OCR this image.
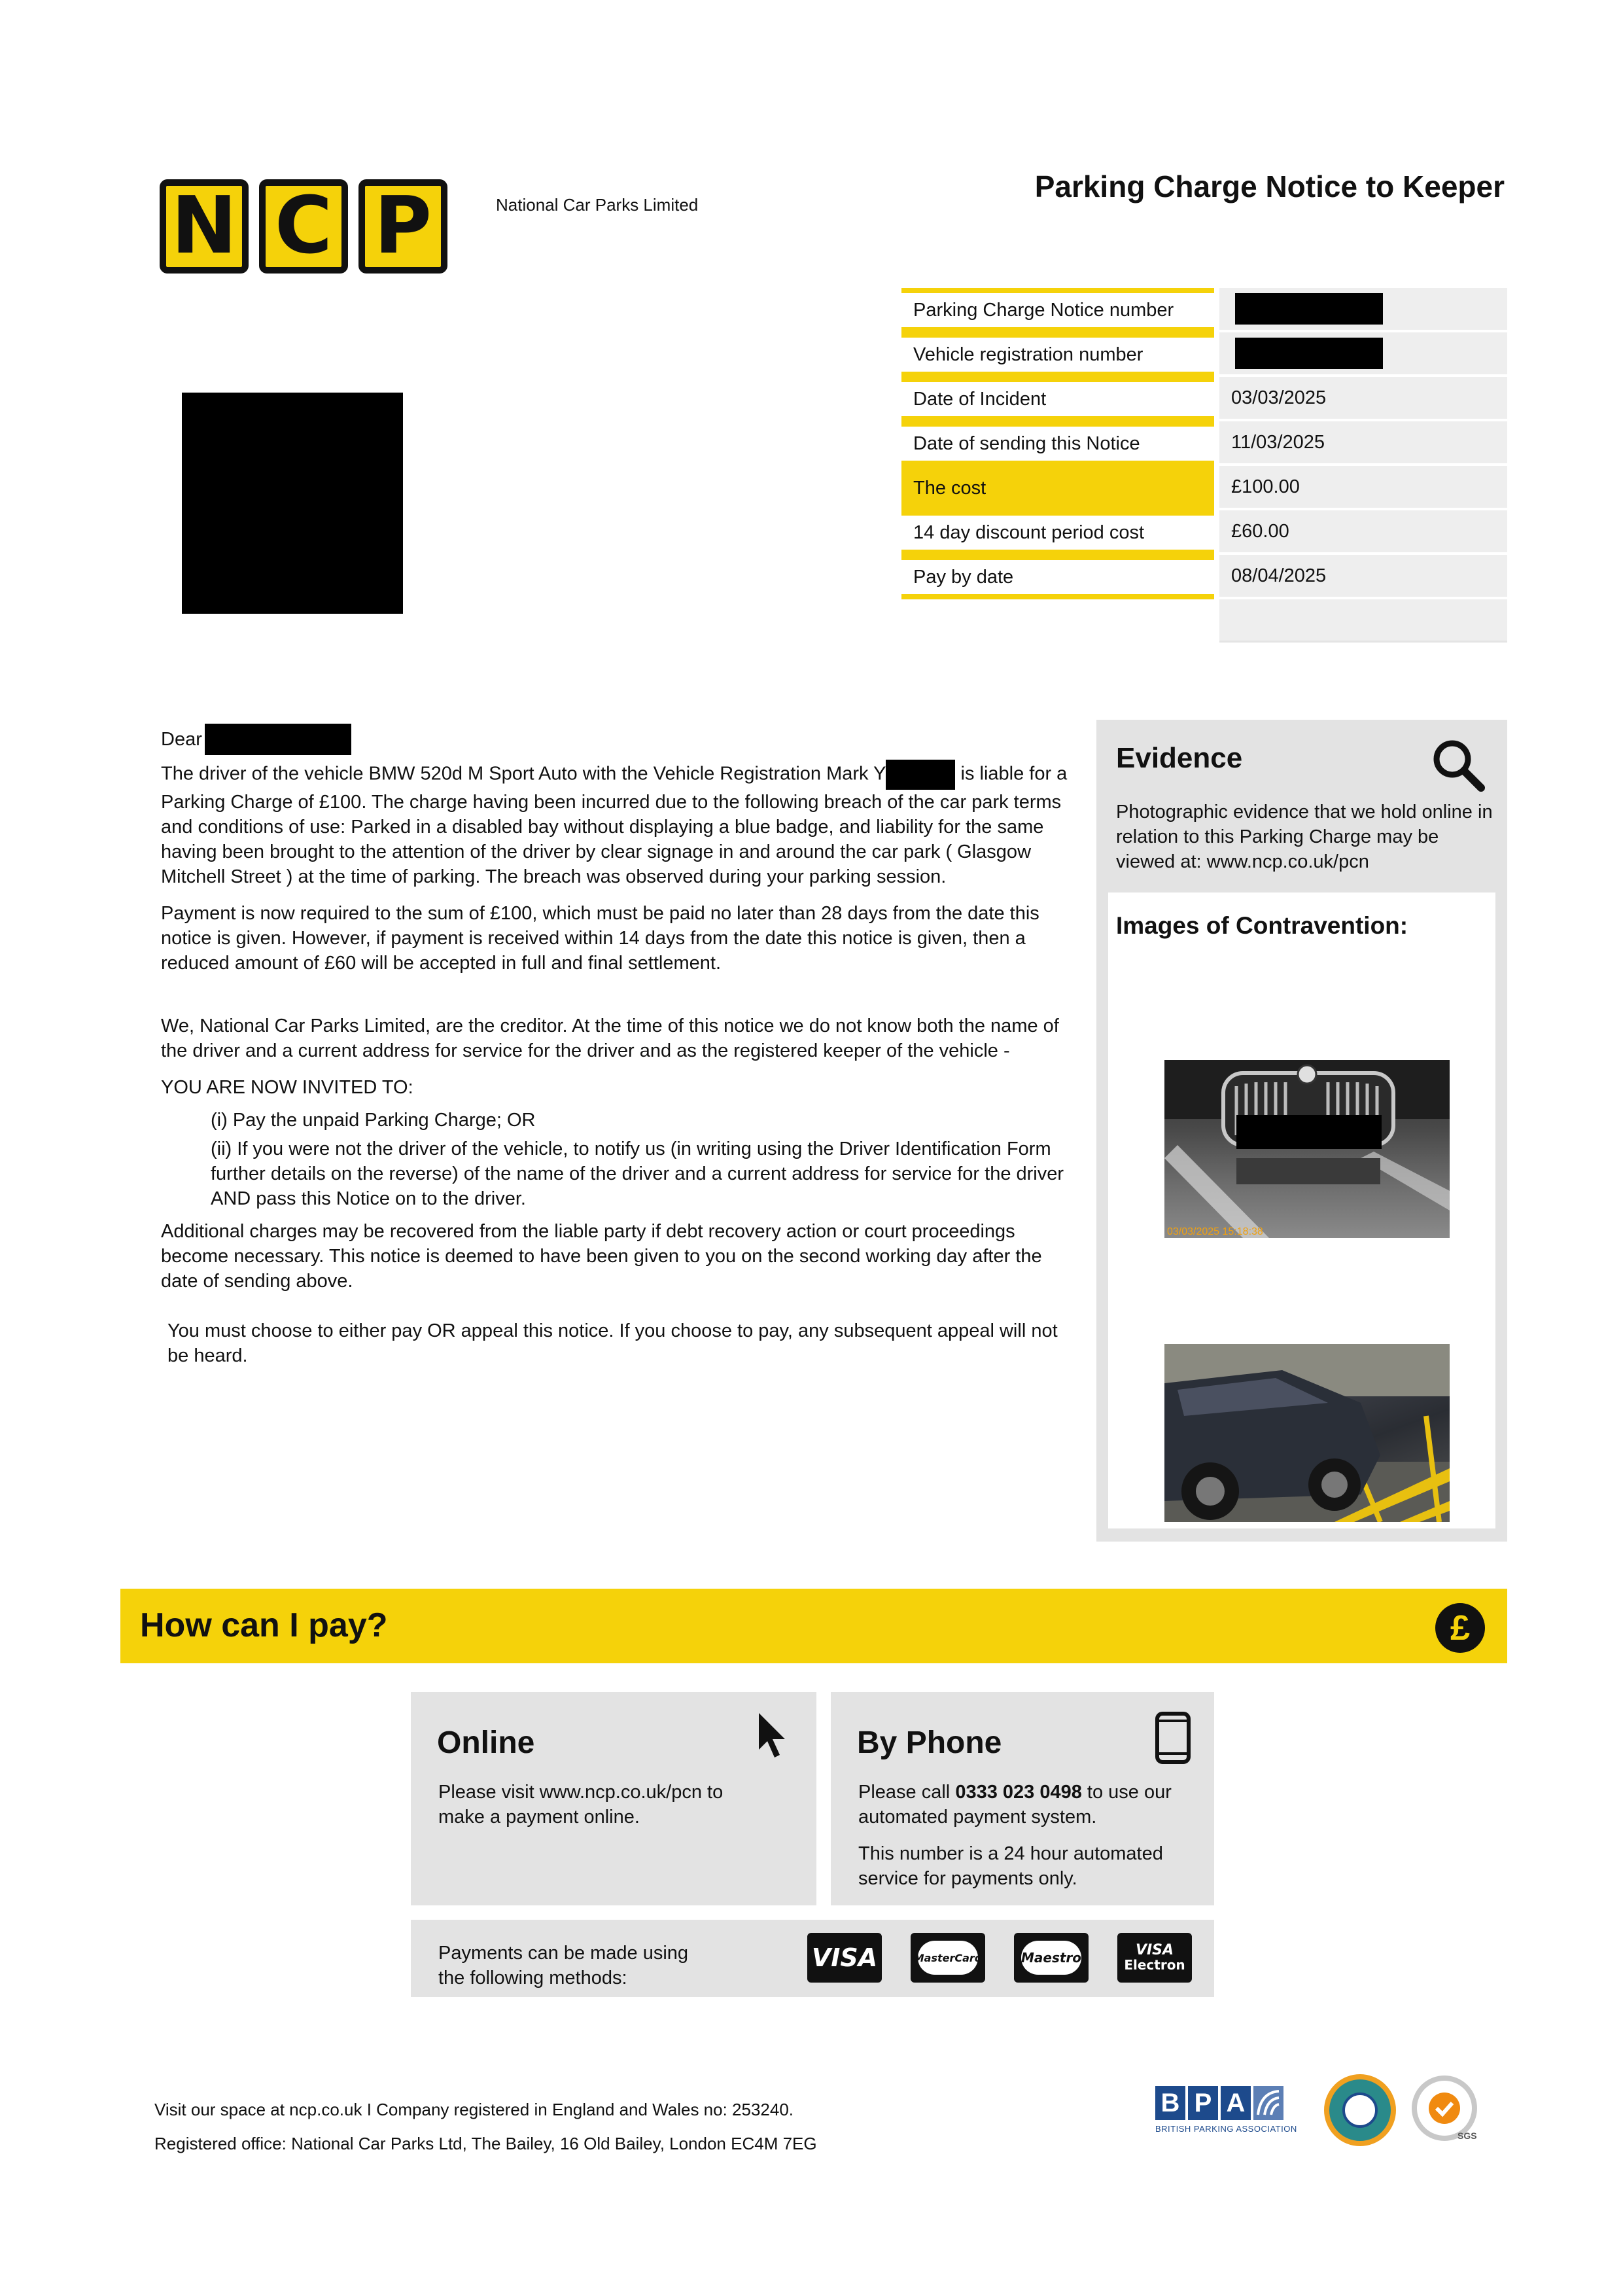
N C P	National Car Parks Limited
Parking Charge Notice to Keeper
Parking Charge Notice number
Vehicle registration number
Date of Incident	03/03/2025
Date of sending this Notice	11/03/2025
The cost	£100.00
14 day discount period cost	£60.00
Pay by date	08/04/2025
Dear

The driver of the vehicle BMW 520d M Sport Auto with the Vehicle Registration Mark Y	is liable for a Parking Charge of £100. The charge having been incurred due to the following breach of the car park terms and conditions of use: Parked in a disabled bay without displaying a blue badge, and liability for the same having been brought to the attention of the driver by clear signage in and around the car park ( Glasgow Mitchell Street ) at the time of parking. The breach was observed during your parking session.

Payment is now required to the sum of £100, which must be paid no later than 28 days from the date this notice is given. However, if payment is received within 14 days from the date this notice is given, then a reduced amount of £60 will be accepted in full and final settlement.

We, National Car Parks Limited, are the creditor. At the time of this notice we do not know both the name of the driver and a current address for service for the driver and as the registered keeper of the vehicle -

YOU ARE NOW INVITED TO:

(i) Pay the unpaid Parking Charge; OR

(ii) If you were not the driver of the vehicle, to notify us (in writing using the Driver Identification Form further details on the reverse) of the name of the driver and a current address for service for the driver AND pass this Notice on to the driver.

Additional charges may be recovered from the liable party if debt recovery action or court proceedings become necessary. This notice is deemed to have been given to you on the second working day after the date of sending above.

You must choose to either pay OR appeal this notice. If you choose to pay, any subsequent appeal will not be heard.

Evidence
Photographic evidence that we hold online in relation to this Parking Charge may be viewed at: www.ncp.co.uk/pcn
Images of Contravention:
03/03/2025 15:18:38
How can I pay?	£
Online
Please visit www.ncp.co.uk/pcn to make a payment online.
By Phone

Please call 0333 023 0498 to use our automated payment system.

This number is a 24 hour automated service for payments only.

Payments can be made using the following methods:
VISA	MasterCard	Maestro	VISA
Electron
Visit our space at ncp.co.uk I Company registered in England and Wales no: 253240.
Registered office: National Car Parks Ltd, The Bailey, 16 Old Bailey, London EC4M 7EG
B P A
BRITISH PARKING ASSOCIATION
SGS
